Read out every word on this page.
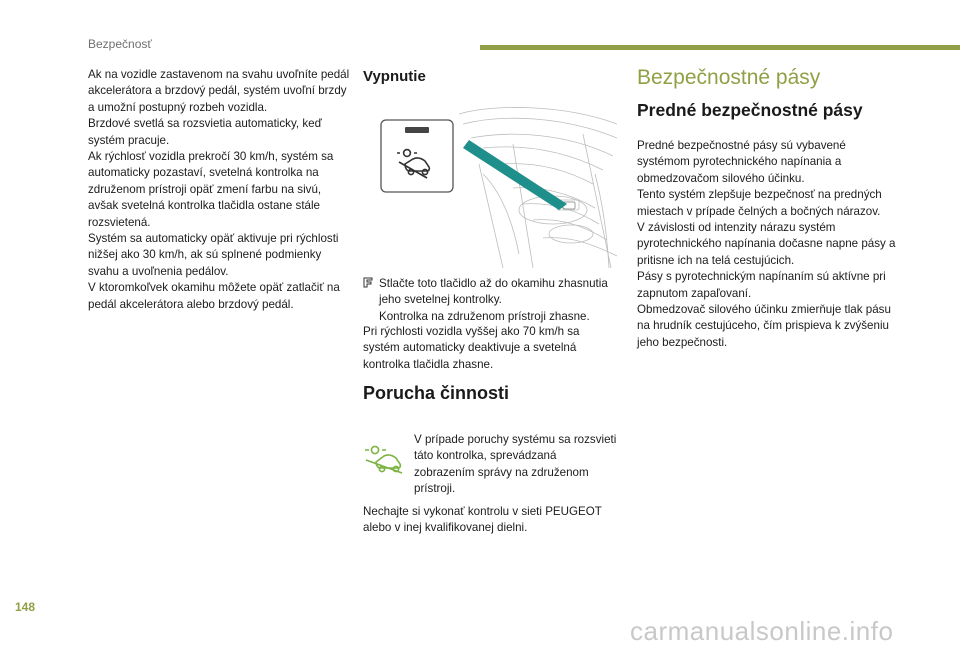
Bezpečnosť

Ak na vozidle zastavenom na svahu uvoľníte pedál akcelerátora a brzdový pedál, systém uvoľní brzdy a umožní postupný rozbeh vozidla.
Brzdové svetlá sa rozsvietia automaticky, keď systém pracuje.
Ak rýchlosť vozidla prekročí 30 km/h, systém sa automaticky pozastaví, svetelná kontrolka na združenom prístroji opäť zmení farbu na sivú, avšak svetelná kontrolka tlačidla ostane stále rozsvietená.
Systém sa automaticky opäť aktivuje pri rýchlosti nižšej ako 30 km/h, ak sú splnené podmienky svahu a uvoľnenia pedálov.
V ktoromkoľvek okamihu môžete opäť zatlačiť na pedál akcelerátora alebo brzdový pedál.

Vypnutie
Stlačte toto tlačidlo až do okamihu zhasnutia jeho svetelnej kontrolky.
Kontrolka na združenom prístroji zhasne.

Pri rýchlosti vozidla vyššej ako 70 km/h sa systém automaticky deaktivuje a svetelná kontrolka tlačidla zhasne.

Porucha činnosti

V prípade poruchy systému sa rozsvieti táto kontrolka, sprevádzaná zobrazením správy na združenom prístroji.

Nechajte si vykonať kontrolu v sieti PEUGEOT alebo v inej kvalifikovanej dielni.

Bezpečnostné pásy
Predné bezpečnostné pásy

Predné bezpečnostné pásy sú vybavené systémom pyrotechnického napínania a obmedzovačom silového účinku.
Tento systém zlepšuje bezpečnosť na predných miestach v prípade čelných a bočných nárazov.
V závislosti od intenzity nárazu systém pyrotechnického napínania dočasne napne pásy a pritisne ich na telá cestujúcich.
Pásy s pyrotechnickým napínaním sú aktívne pri zapnutom zapaľovaní.
Obmedzovač silového účinku zmierňuje tlak pásu na hrudník cestujúceho, čím prispieva k zvýšeniu jeho bezpečnosti.

148
carmanualsonline.info
